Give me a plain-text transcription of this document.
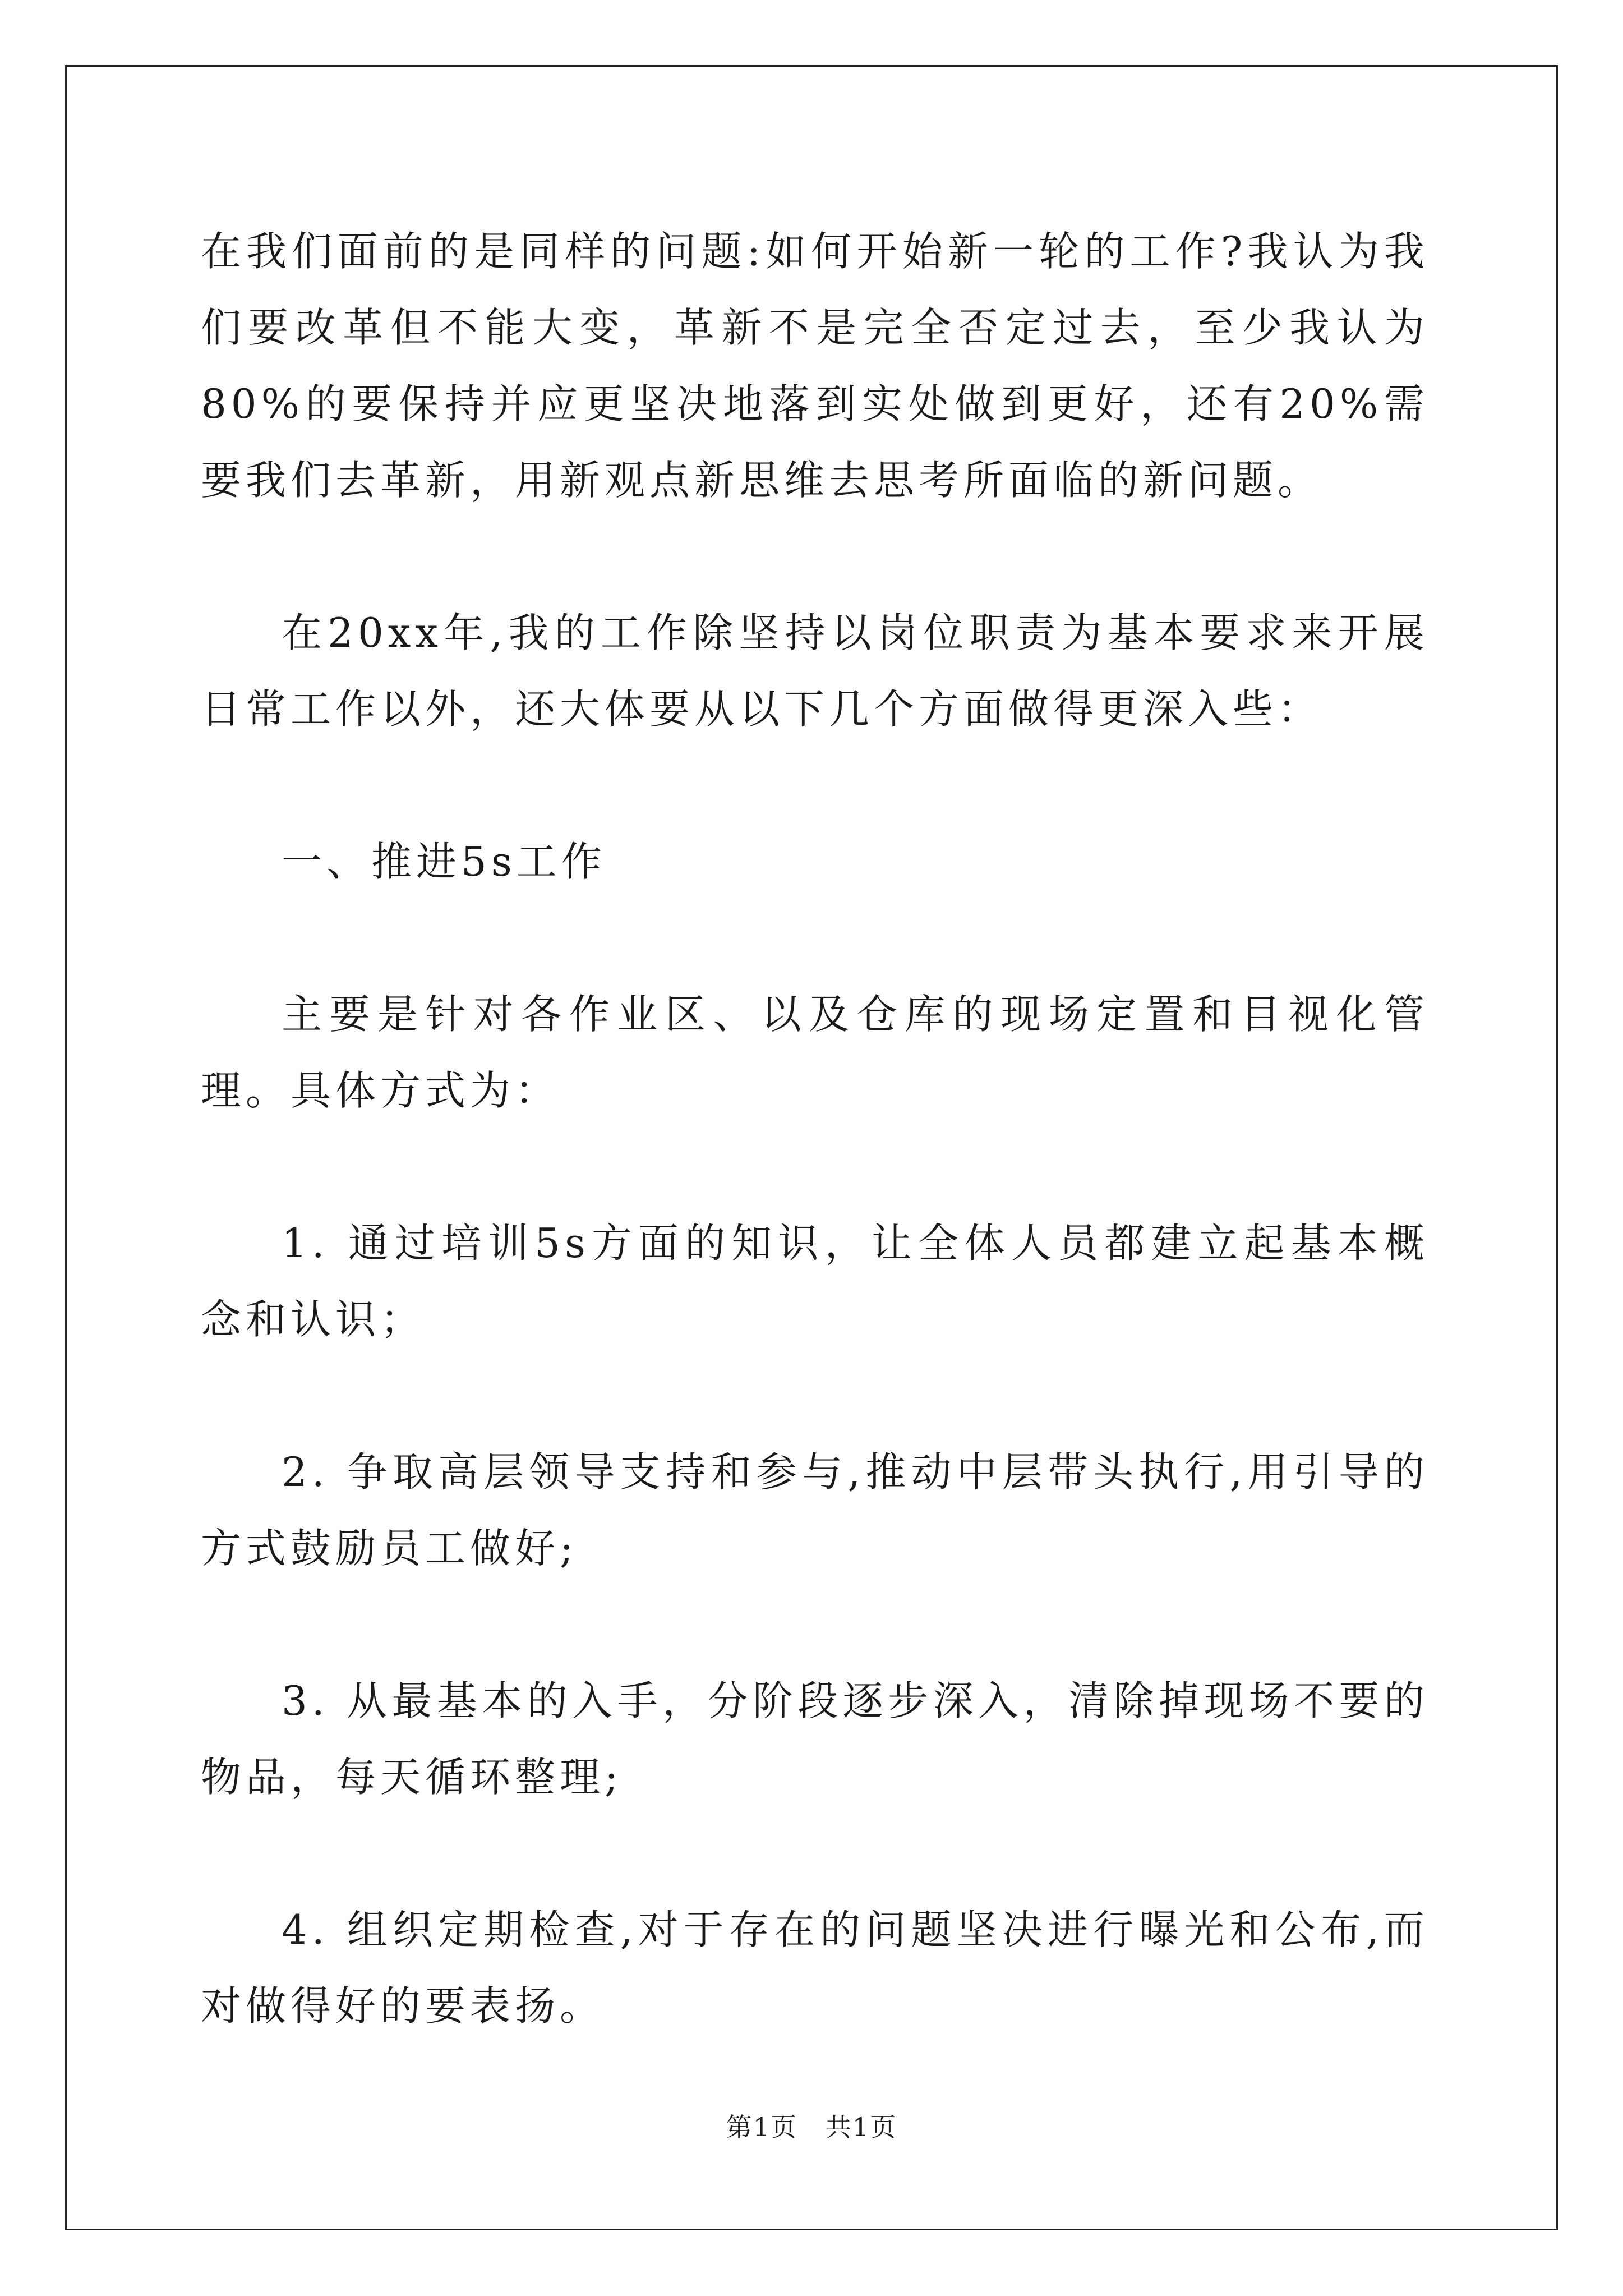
在我们面前的是同样的问题:如何开始新一轮的工作?我认为我们要改革但不能大变，革新不是完全否定过去，至少我认为80%的要保持并应更坚决地落到实处做到更好，还有20%需要我们去革新，用新观点新思维去思考所面临的新问题。

在20xx年,我的工作除坚持以岗位职责为基本要求来开展日常工作以外，还大体要从以下几个方面做得更深入些：

一、推进5s工作

主要是针对各作业区、以及仓库的现场定置和目视化管理。具体方式为：

1. 通过培训5s方面的知识，让全体人员都建立起基本概念和认识；

2. 争取高层领导支持和参与,推动中层带头执行,用引导的方式鼓励员工做好;

3. 从最基本的入手，分阶段逐步深入，清除掉现场不要的物品，每天循环整理;

4. 组织定期检查,对于存在的问题坚决进行曝光和公布,而对做得好的要表扬。

第1页   共1页
